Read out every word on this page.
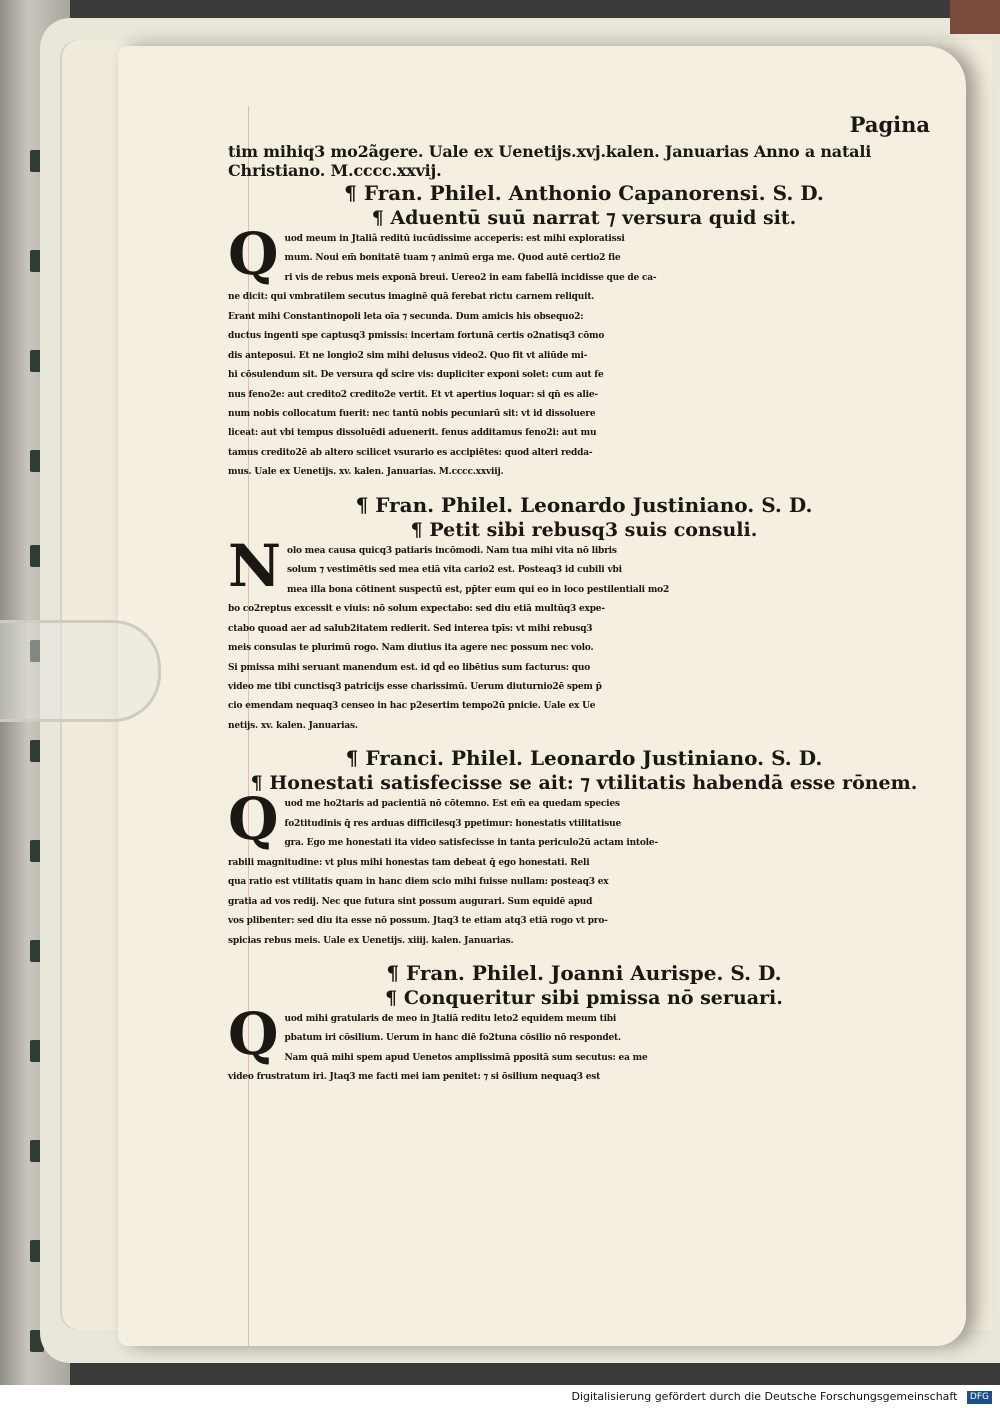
Pagina
tim mihiq3 mo2ãgere. Uale ex Uenetijs.xvj.kalen. Januarias Anno a natali
Christiano. M.cccc.xxvij.
¶ Fran. Philel. Anthonio Capanorensi. S. D.
¶ Aduentū suū narrat ⁊ versura quid sit.
Q uod meum in Jtaliã reditū iucūdissime acceperis: est mihi exploratissi
mum. Noui em̄ bonitatē tuam ⁊ animū erga me. Quod autē certio2 fie
ri vis de rebus meis exponā breui. Uereo2 in eam fabellā incidisse que de ca-
ne dicit: qui vmbratilem secutus imaginē quā ferebat rictu carnem reliquit.
Erant mihi Constantinopoli leta oīa ⁊ secunda. Dum amicis his obsequo2:
ductus ingenti spe captusq3 pmissis: incertam fortunā certis o2natisq3 cōmo
dis anteposui. Et ne longio2 sim mihi delusus video2. Quo fit vt aliūde mi-
hi cōsulendum sit. De versura qd̄ scire vis: dupliciter exponi solet: cum aut fe
nus feno2e: aut credito2 credito2e vertit. Et vt apertius loquar: si qn̄ es alie-
num nobis collocatum fuerit: nec tantū nobis pecuniarū sit: vt id dissoluere
liceat: aut vbi tempus dissoluēdi aduenerit. fenus additamus feno2i: aut mu
tamus credito2ē ab altero scilicet vsurario es accipiētes: quod alteri redda-
mus. Uale ex Uenetijs. xv. kalen. Januarias. M.cccc.xxviij.
¶ Fran. Philel. Leonardo Justiniano. S. D.
¶ Petit sibi rebusq3 suis consuli.
N olo mea causa quicq3 patiaris incōmodi. Nam tua mihi vita nō libris
solum ⁊ vestimētis sed mea etiā vita cario2 est. Posteaq3 id cubili vbi
mea illa bona cōtinent suspectū est, pp̄ter eum qui eo in loco pestilentiali mo2
bo co2reptus excessit e viuis: nō solum expectabo: sed diu etiā multūq3 expe-
ctabo quoad aer ad salub2itatem redierit. Sed interea tpīs: vt mihi rebusq3
meis consulas te plurimū rogo. Nam diutius ita agere nec possum nec volo.
Si pmissa mihi seruant manendum est. id qd̄ eo libētius sum facturus: quo
video me tibi cunctisq3 patricijs esse charissimū. Uerum diuturnio2ē spem p̄
cio emendam nequaq3 censeo in hac p2esertim tempo2ū pnicie. Uale ex Ue
netijs. xv. kalen. Januarias.
¶ Franci. Philel. Leonardo Justiniano. S. D.
¶ Honestati satisfecisse se ait: ⁊ vtilitatis habendā esse rōnem.
Q uod me ho2taris ad pacientiā nō cōtemno. Est em̄ ea quedam species
fo2titudinis q̄ res arduas difficilesq3 ppetimur: honestatis vtilitatisue
gra. Ego me honestati ita video satisfecisse in tanta periculo2ū actam intole-
rabili magnitudine: vt plus mihi honestas tam debeat q̄ ego honestati. Reli
qua ratio est vtilitatis quam in hanc diem scio mihi fuisse nullam: posteaq3 ex
gratia ad vos redij. Nec que futura sint possum augurari. Sum equidē apud
vos plibenter: sed diu ita esse nō possum. Jtaq3 te etiam atq3 etiā rogo vt pro-
spicias rebus meis. Uale ex Uenetijs. xiiij. kalen. Januarias.
¶ Fran. Philel. Joanni Aurispe. S. D.
¶ Conqueritur sibi pmissa nō seruari.
Q uod mihi gratularis de meo in Jtaliā reditu leto2 equidem meum tibi
pbatum iri cōsilium. Uerum in hanc diē fo2tuna cōsilio nō respondet.
Nam quā mihi spem apud Uenetos amplissimā ppositā sum secutus: ea me
video frustratum iri. Jtaq3 me facti mei iam penitet: ⁊ si ōsilium nequaq3 est
Digitalisierung gefördert durch die Deutsche Forschungsgemeinschaft DFG
